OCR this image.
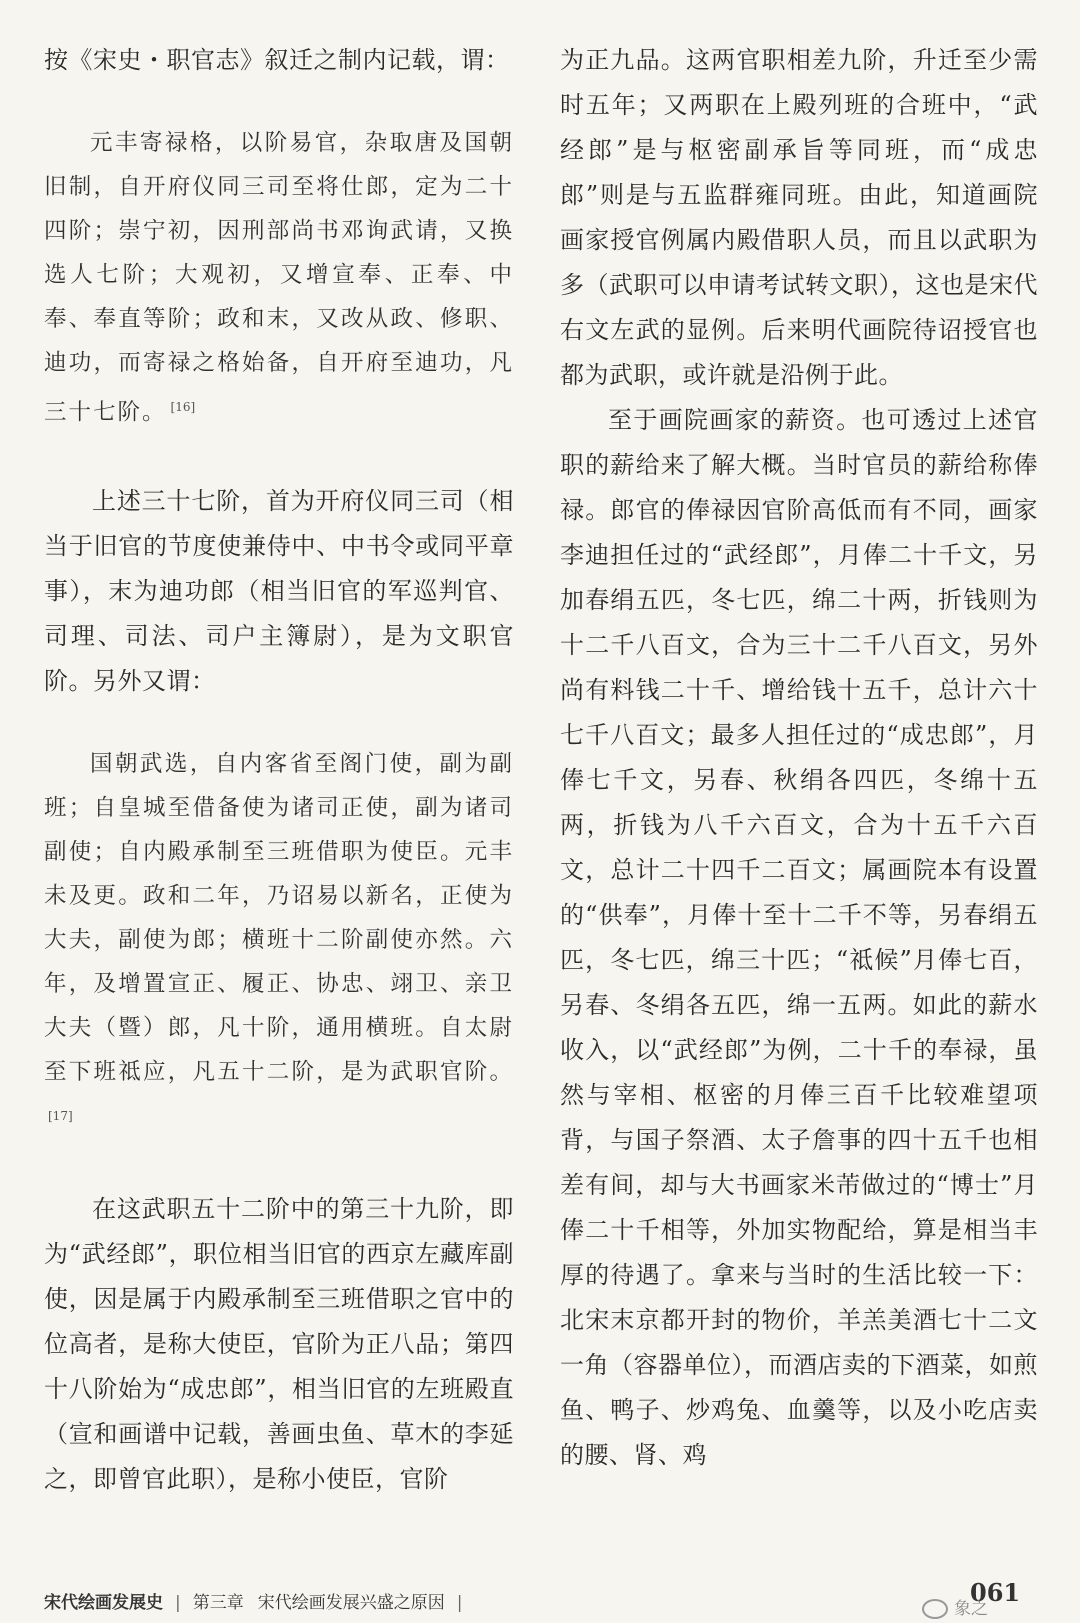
按《宋史・职官志》叙迁之制内记载，谓：

元丰寄禄格，以阶易官，杂取唐及国朝旧制，自开府仪同三司至将仕郎，定为二十四阶；崇宁初，因刑部尚书邓询武请，又换选人七阶；大观初，又增宣奉、正奉、中奉、奉直等阶；政和末，又改从政、修职、迪功，而寄禄之格始备，自开府至迪功，凡三十七阶。 [16]

上述三十七阶，首为开府仪同三司（相当于旧官的节度使兼侍中、中书令或同平章事），末为迪功郎（相当旧官的军巡判官、司理、司法、司户主簿尉），是为文职官阶。另外又谓：

国朝武选，自内客省至阁门使，副为副班；自皇城至借备使为诸司正使，副为诸司副使；自内殿承制至三班借职为使臣。元丰未及更。政和二年，乃诏易以新名，正使为大夫，副使为郎；横班十二阶副使亦然。六年，及增置宣正、履正、协忠、翊卫、亲卫大夫（暨）郎，凡十阶，通用横班。自太尉至下班祗应，凡五十二阶，是为武职官阶。[17]

在这武职五十二阶中的第三十九阶，即为“武经郎”，职位相当旧官的西京左藏库副使，因是属于内殿承制至三班借职之官中的位高者，是称大使臣，官阶为正八品；第四十八阶始为“成忠郎”，相当旧官的左班殿直（宣和画谱中记载，善画虫鱼、草木的李延之，即曾官此职），是称小使臣，官阶

为正九品。这两官职相差九阶，升迁至少需时五年；又两职在上殿列班的合班中，“武经郎”是与枢密副承旨等同班，而“成忠郎”则是与五监群雍同班。由此，知道画院画家授官例属内殿借职人员，而且以武职为多（武职可以申请考试转文职），这也是宋代右文左武的显例。后来明代画院待诏授官也都为武职，或许就是沿例于此。

至于画院画家的薪资。也可透过上述官职的薪给来了解大概。当时官员的薪给称俸禄。郎官的俸禄因官阶高低而有不同，画家李迪担任过的“武经郎”，月俸二十千文，另加春绢五匹，冬七匹，绵二十两，折钱则为十二千八百文，合为三十二千八百文，另外尚有料钱二十千、增给钱十五千，总计六十七千八百文；最多人担任过的“成忠郎”，月俸七千文，另春、秋绢各四匹，冬绵十五两，折钱为八千六百文，合为十五千六百文，总计二十四千二百文；属画院本有设置的“供奉”，月俸十至十二千不等，另春绢五匹，冬七匹，绵三十匹；“祗候”月俸七百，另春、冬绢各五匹，绵一五两。如此的薪水收入，以“武经郎”为例，二十千的奉禄，虽然与宰相、枢密的月俸三百千比较难望项背，与国子祭酒、太子詹事的四十五千也相差有间，却与大书画家米芾做过的“博士”月俸二十千相等，外加实物配给，算是相当丰厚的待遇了。拿来与当时的生活比较一下：北宋末京都开封的物价，羊羔美酒七十二文一角（容器单位），而酒店卖的下酒菜，如煎鱼、鸭子、炒鸡兔、血羹等，以及小吃店卖的腰、肾、鸡

宋代绘画发展史 | 第三章 宋代绘画发展兴盛之原因 |	061
象之
